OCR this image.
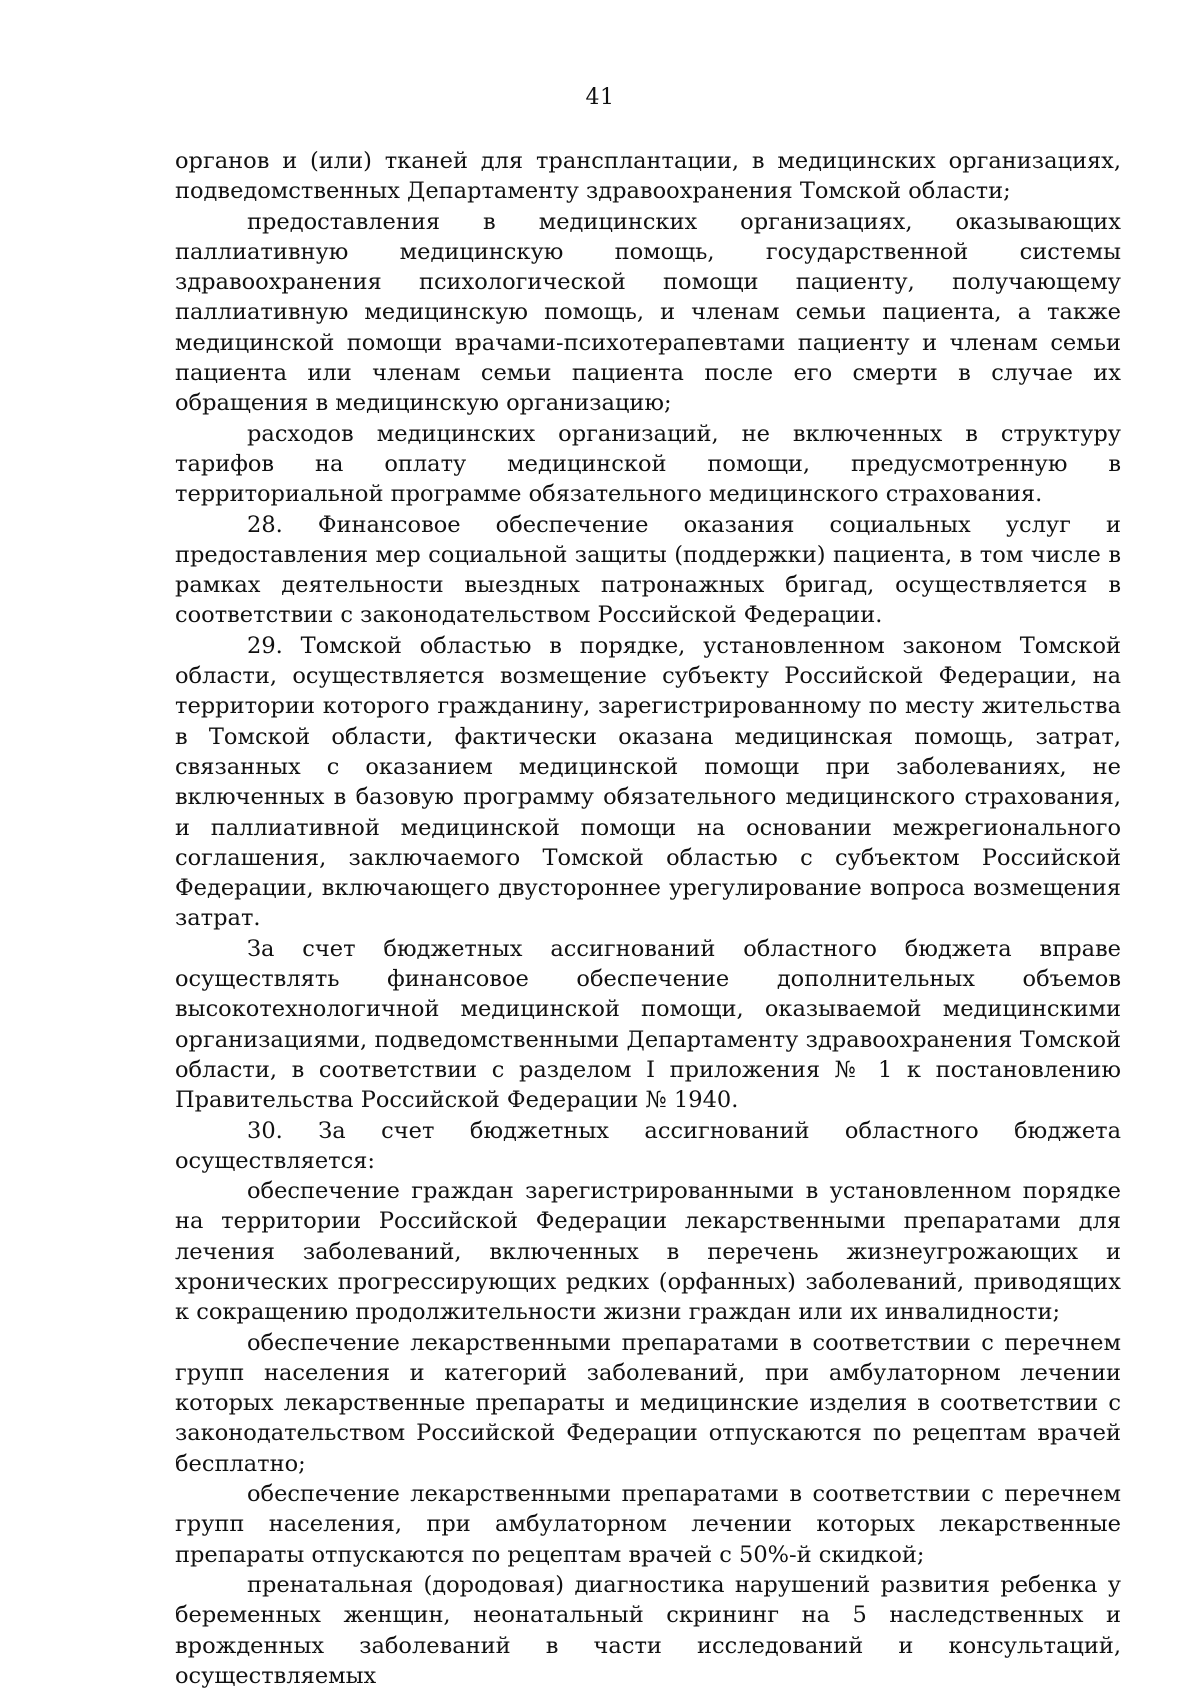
41

органов и (или) тканей для трансплантации, в медицинских организациях, подведомственных Департаменту здравоохранения Томской области;

предоставления в медицинских организациях, оказывающих паллиативную медицинскую помощь, государственной системы здравоохранения психологической помощи пациенту, получающему паллиативную медицинскую помощь, и членам семьи пациента, а также медицинской помощи врачами-психотерапевтами пациенту и членам семьи пациента или членам семьи пациента после его смерти в случае их обращения в медицинскую организацию;

расходов медицинских организаций, не включенных в структуру тарифов на оплату медицинской помощи, предусмотренную в территориальной программе обязательного медицинского страхования.

28. Финансовое обеспечение оказания социальных услуг и предоставления мер социальной защиты (поддержки) пациента, в том числе в рамках деятельности выездных патронажных бригад, осуществляется в соответствии с законодательством Российской Федерации.

29. Томской областью в порядке, установленном законом Томской области, осуществляется возмещение субъекту Российской Федерации, на территории которого гражданину, зарегистрированному по месту жительства в Томской области, фактически оказана медицинская помощь, затрат, связанных с оказанием медицинской помощи при заболеваниях, не включенных в базовую программу обязательного медицинского страхования, и паллиативной медицинской помощи на основании межрегионального соглашения, заключаемого Томской областью с субъектом Российской Федерации, включающего двустороннее урегулирование вопроса возмещения затрат.

За счет бюджетных ассигнований областного бюджета вправе осуществлять финансовое обеспечение дополнительных объемов высокотехнологичной медицинской помощи, оказываемой медицинскими организациями, подведомственными Департаменту здравоохранения Томской области, в соответствии с разделом I приложения № 1 к постановлению Правительства Российской Федерации № 1940.

30. За счет бюджетных ассигнований областного бюджета осуществляется:

обеспечение граждан зарегистрированными в установленном порядке на территории Российской Федерации лекарственными препаратами для лечения заболеваний, включенных в перечень жизнеугрожающих и хронических прогрессирующих редких (орфанных) заболеваний, приводящих к сокращению продолжительности жизни граждан или их инвалидности;

обеспечение лекарственными препаратами в соответствии с перечнем групп населения и категорий заболеваний, при амбулаторном лечении которых лекарственные препараты и медицинские изделия в соответствии с законодательством Российской Федерации отпускаются по рецептам врачей бесплатно;

обеспечение лекарственными препаратами в соответствии с перечнем групп населения, при амбулаторном лечении которых лекарственные препараты отпускаются по рецептам врачей с 50%-й скидкой;

пренатальная (дородовая) диагностика нарушений развития ребенка у беременных женщин, неонатальный скрининг на 5 наследственных и врожденных заболеваний в части исследований и консультаций, осуществляемых
